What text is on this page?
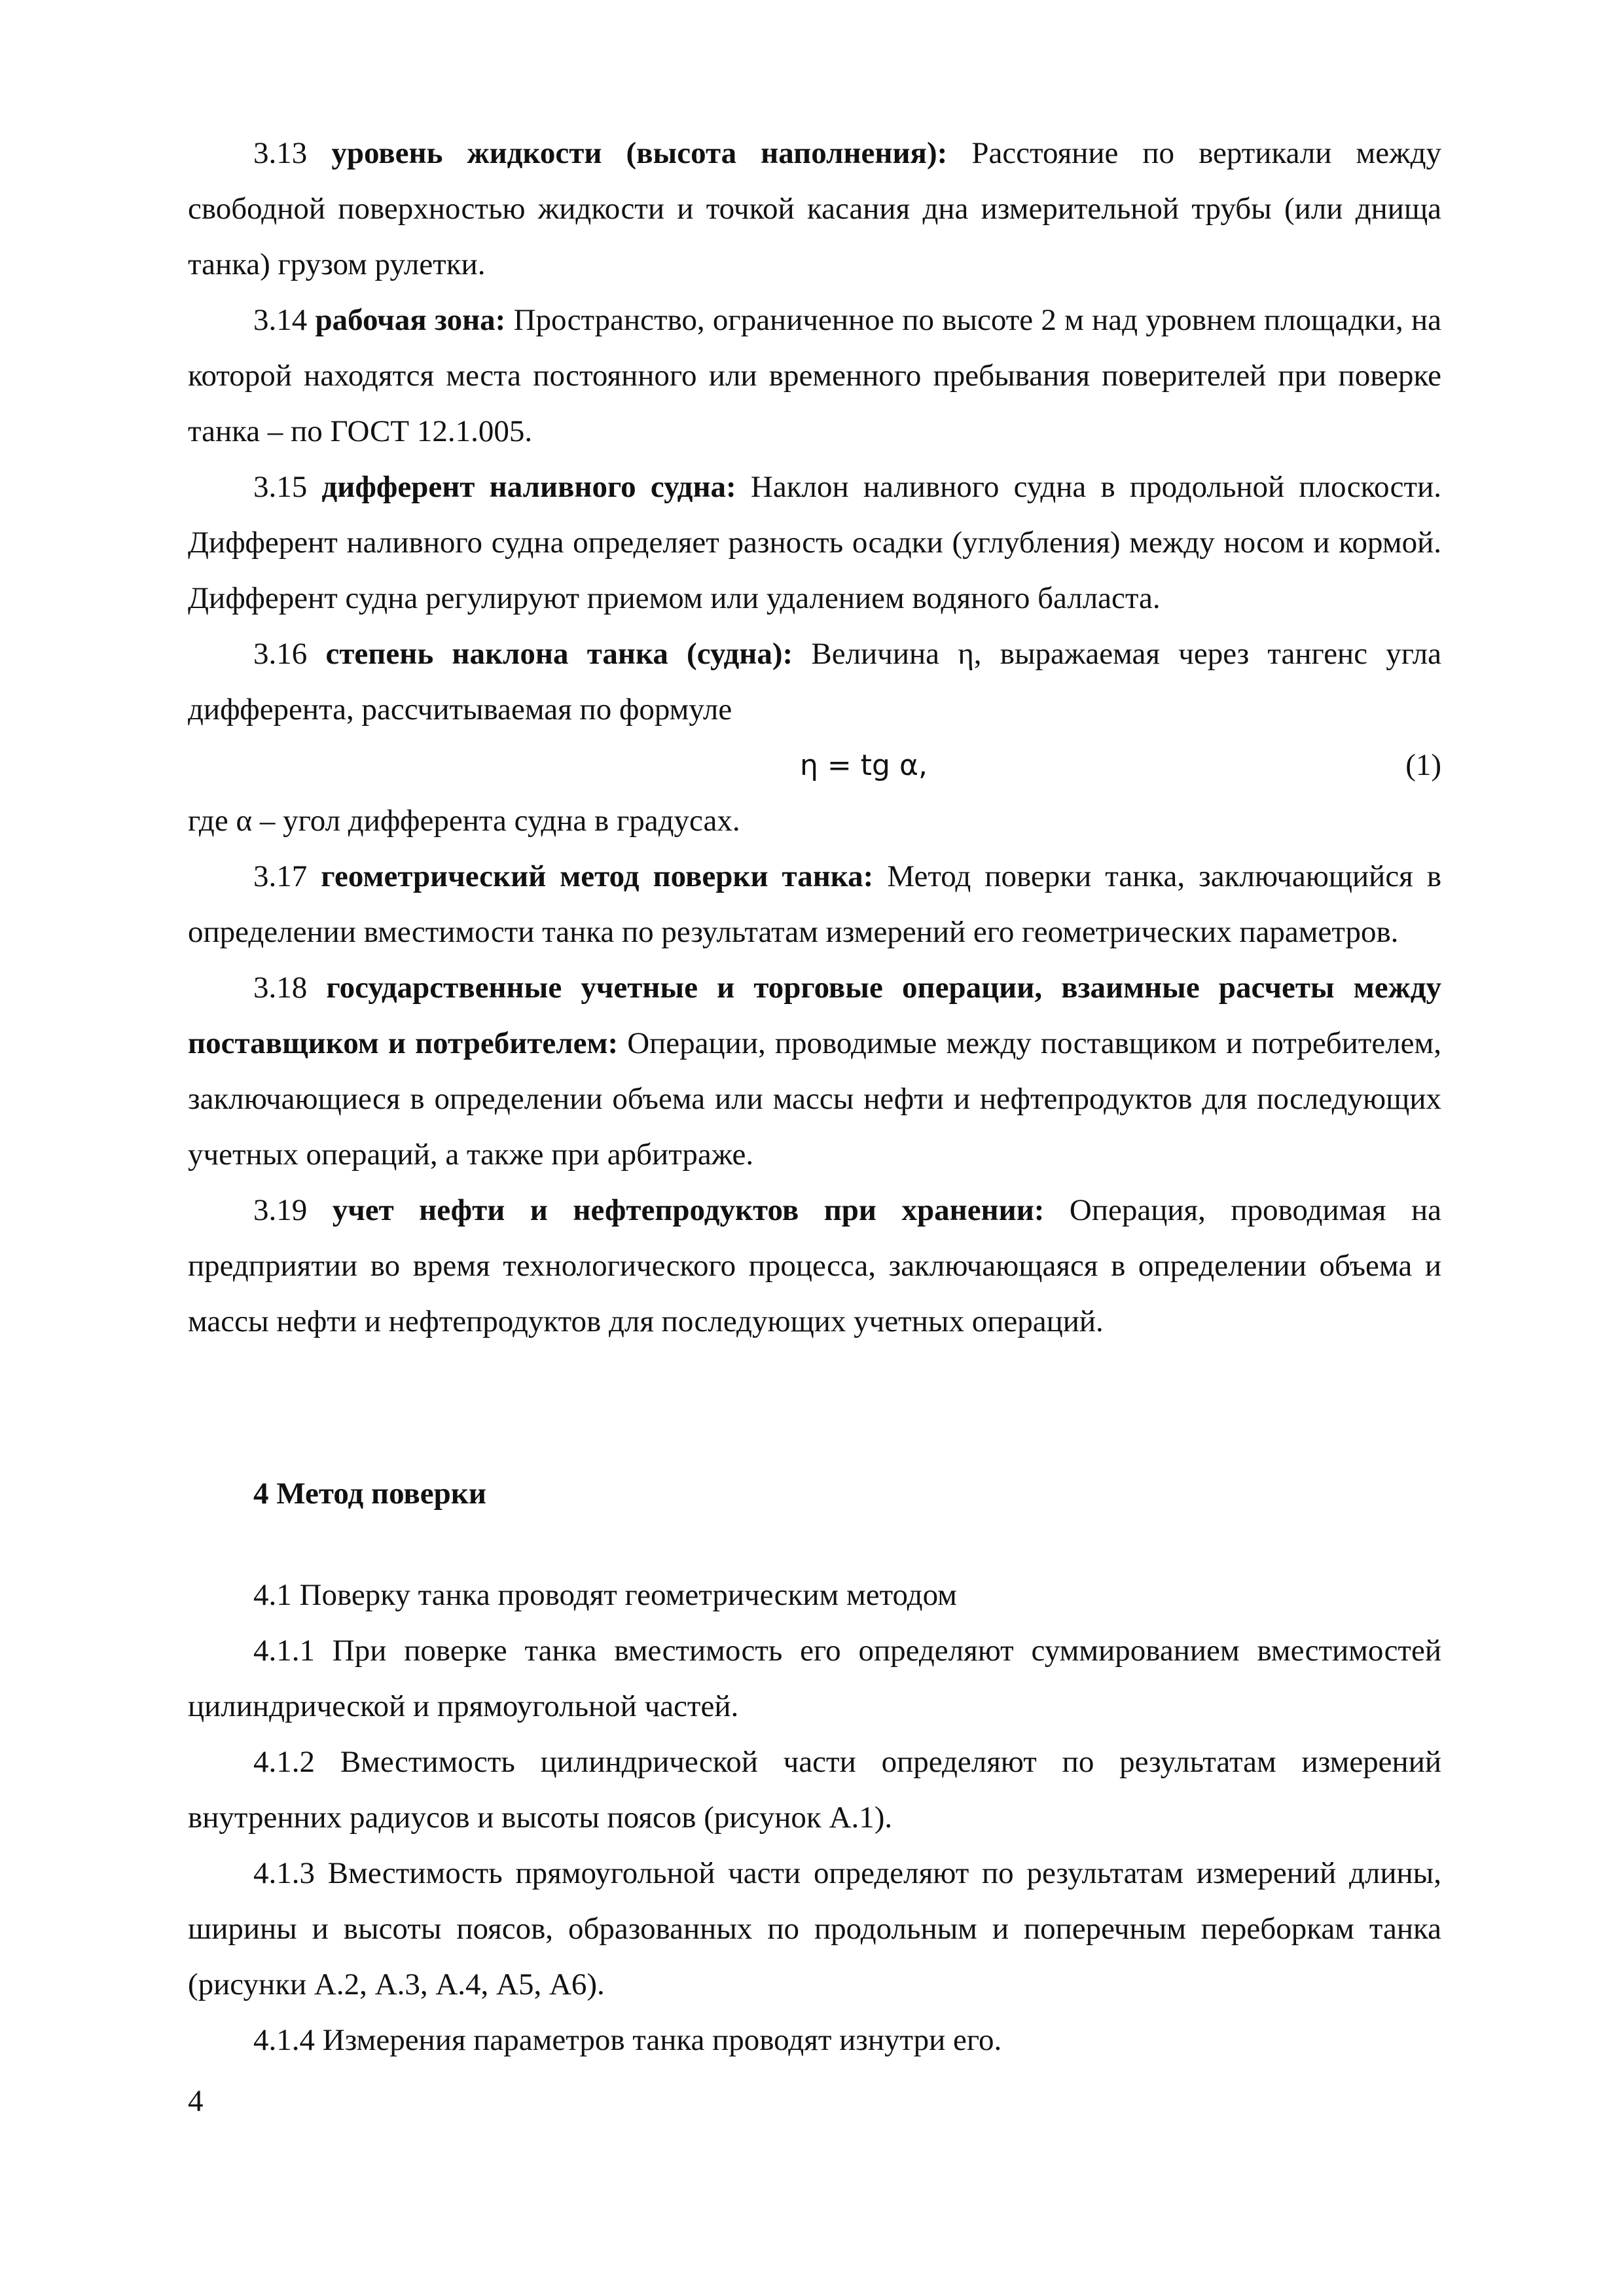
3.13 уровень жидкости (высота наполнения): Расстояние по вертикали между свободной поверхностью жидкости и точкой касания дна измерительной трубы (или днища танка) грузом рулетки.

3.14 рабочая зона: Пространство, ограниченное по высоте 2 м над уровнем площадки, на которой находятся места постоянного или временного пребывания поверителей при поверке танка – по ГОСТ 12.1.005.

3.15 дифферент наливного судна: Наклон наливного судна в продольной плоскости. Дифферент наливного судна определяет разность осадки (углубления) между носом и кормой. Дифферент судна регулируют приемом или удалением водяного балласта.

3.16 степень наклона танка (судна): Величина η, выражаемая через тангенс угла дифферента, рассчитываемая по формуле

η = tg α,	(1)

где α – угол дифферента судна в градусах.

3.17 геометрический метод поверки танка: Метод поверки танка, заключающийся в определении вместимости танка по результатам измерений его геометрических параметров.

3.18 государственные учетные и торговые операции, взаимные расчеты между поставщиком и потребителем: Операции, проводимые между поставщиком и потребителем, заключающиеся в определении объема или массы нефти и нефтепродуктов для последующих учетных операций, а также при арбитраже.

3.19 учет нефти и нефтепродуктов при хранении: Операция, проводимая на предприятии во время технологического процесса, заключающаяся в определении объема и массы нефти и нефтепродуктов для последующих учетных операций.

4 Метод поверки

4.1 Поверку танка проводят геометрическим методом

4.1.1 При поверке танка вместимость его определяют суммированием вместимостей цилиндрической и прямоугольной частей.

4.1.2 Вместимость цилиндрической части определяют по результатам измерений внутренних радиусов и высоты поясов (рисунок А.1).

4.1.3 Вместимость прямоугольной части определяют по результатам измерений длины, ширины и высоты поясов, образованных по продольным и поперечным переборкам танка (рисунки А.2, А.3, А.4, А5, А6).

4.1.4 Измерения параметров танка проводят изнутри его.

4
